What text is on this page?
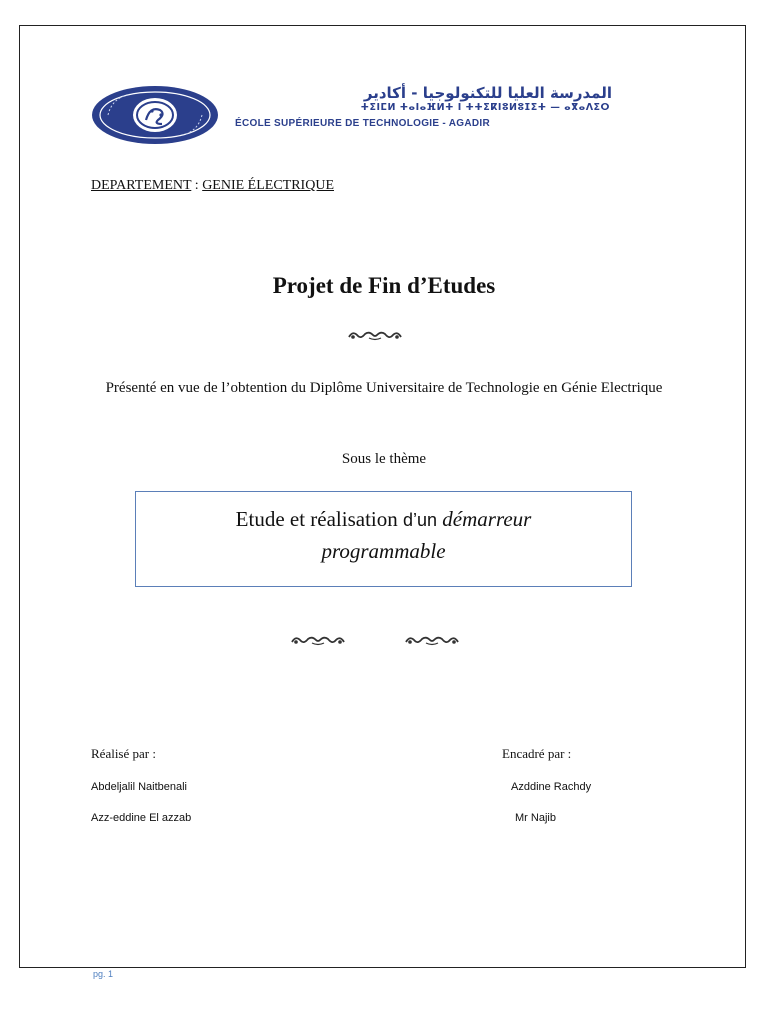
المدرسة العليا للتكنولوجيا - أكادير
ⵜⵉⵏⵎⵍ ⵜⴰⵏⴰⴼⵍⵜ ⵏ ⵜⵜⵉⴽⵏⵓⵍⵓⵊⵉⵜ — ⴰⴳⴰⴷⵉⵔ
ÉCOLE SUPÉRIEURE DE TECHNOLOGIE - AGADIR
DEPARTEMENT : GENIE ÉLECTRIQUE
Projet de Fin d’Etudes
Présenté en vue de l’obtention du Diplôme Universitaire de Technologie en Génie Electrique
Sous le thème
Etude et réalisation d’un démarreur
programmable
Réalisé par :
Abdeljalil Naitbenali
Azz-eddine El azzab
Encadré par :
Azddine Rachdy
Mr Najib
pg. 1
